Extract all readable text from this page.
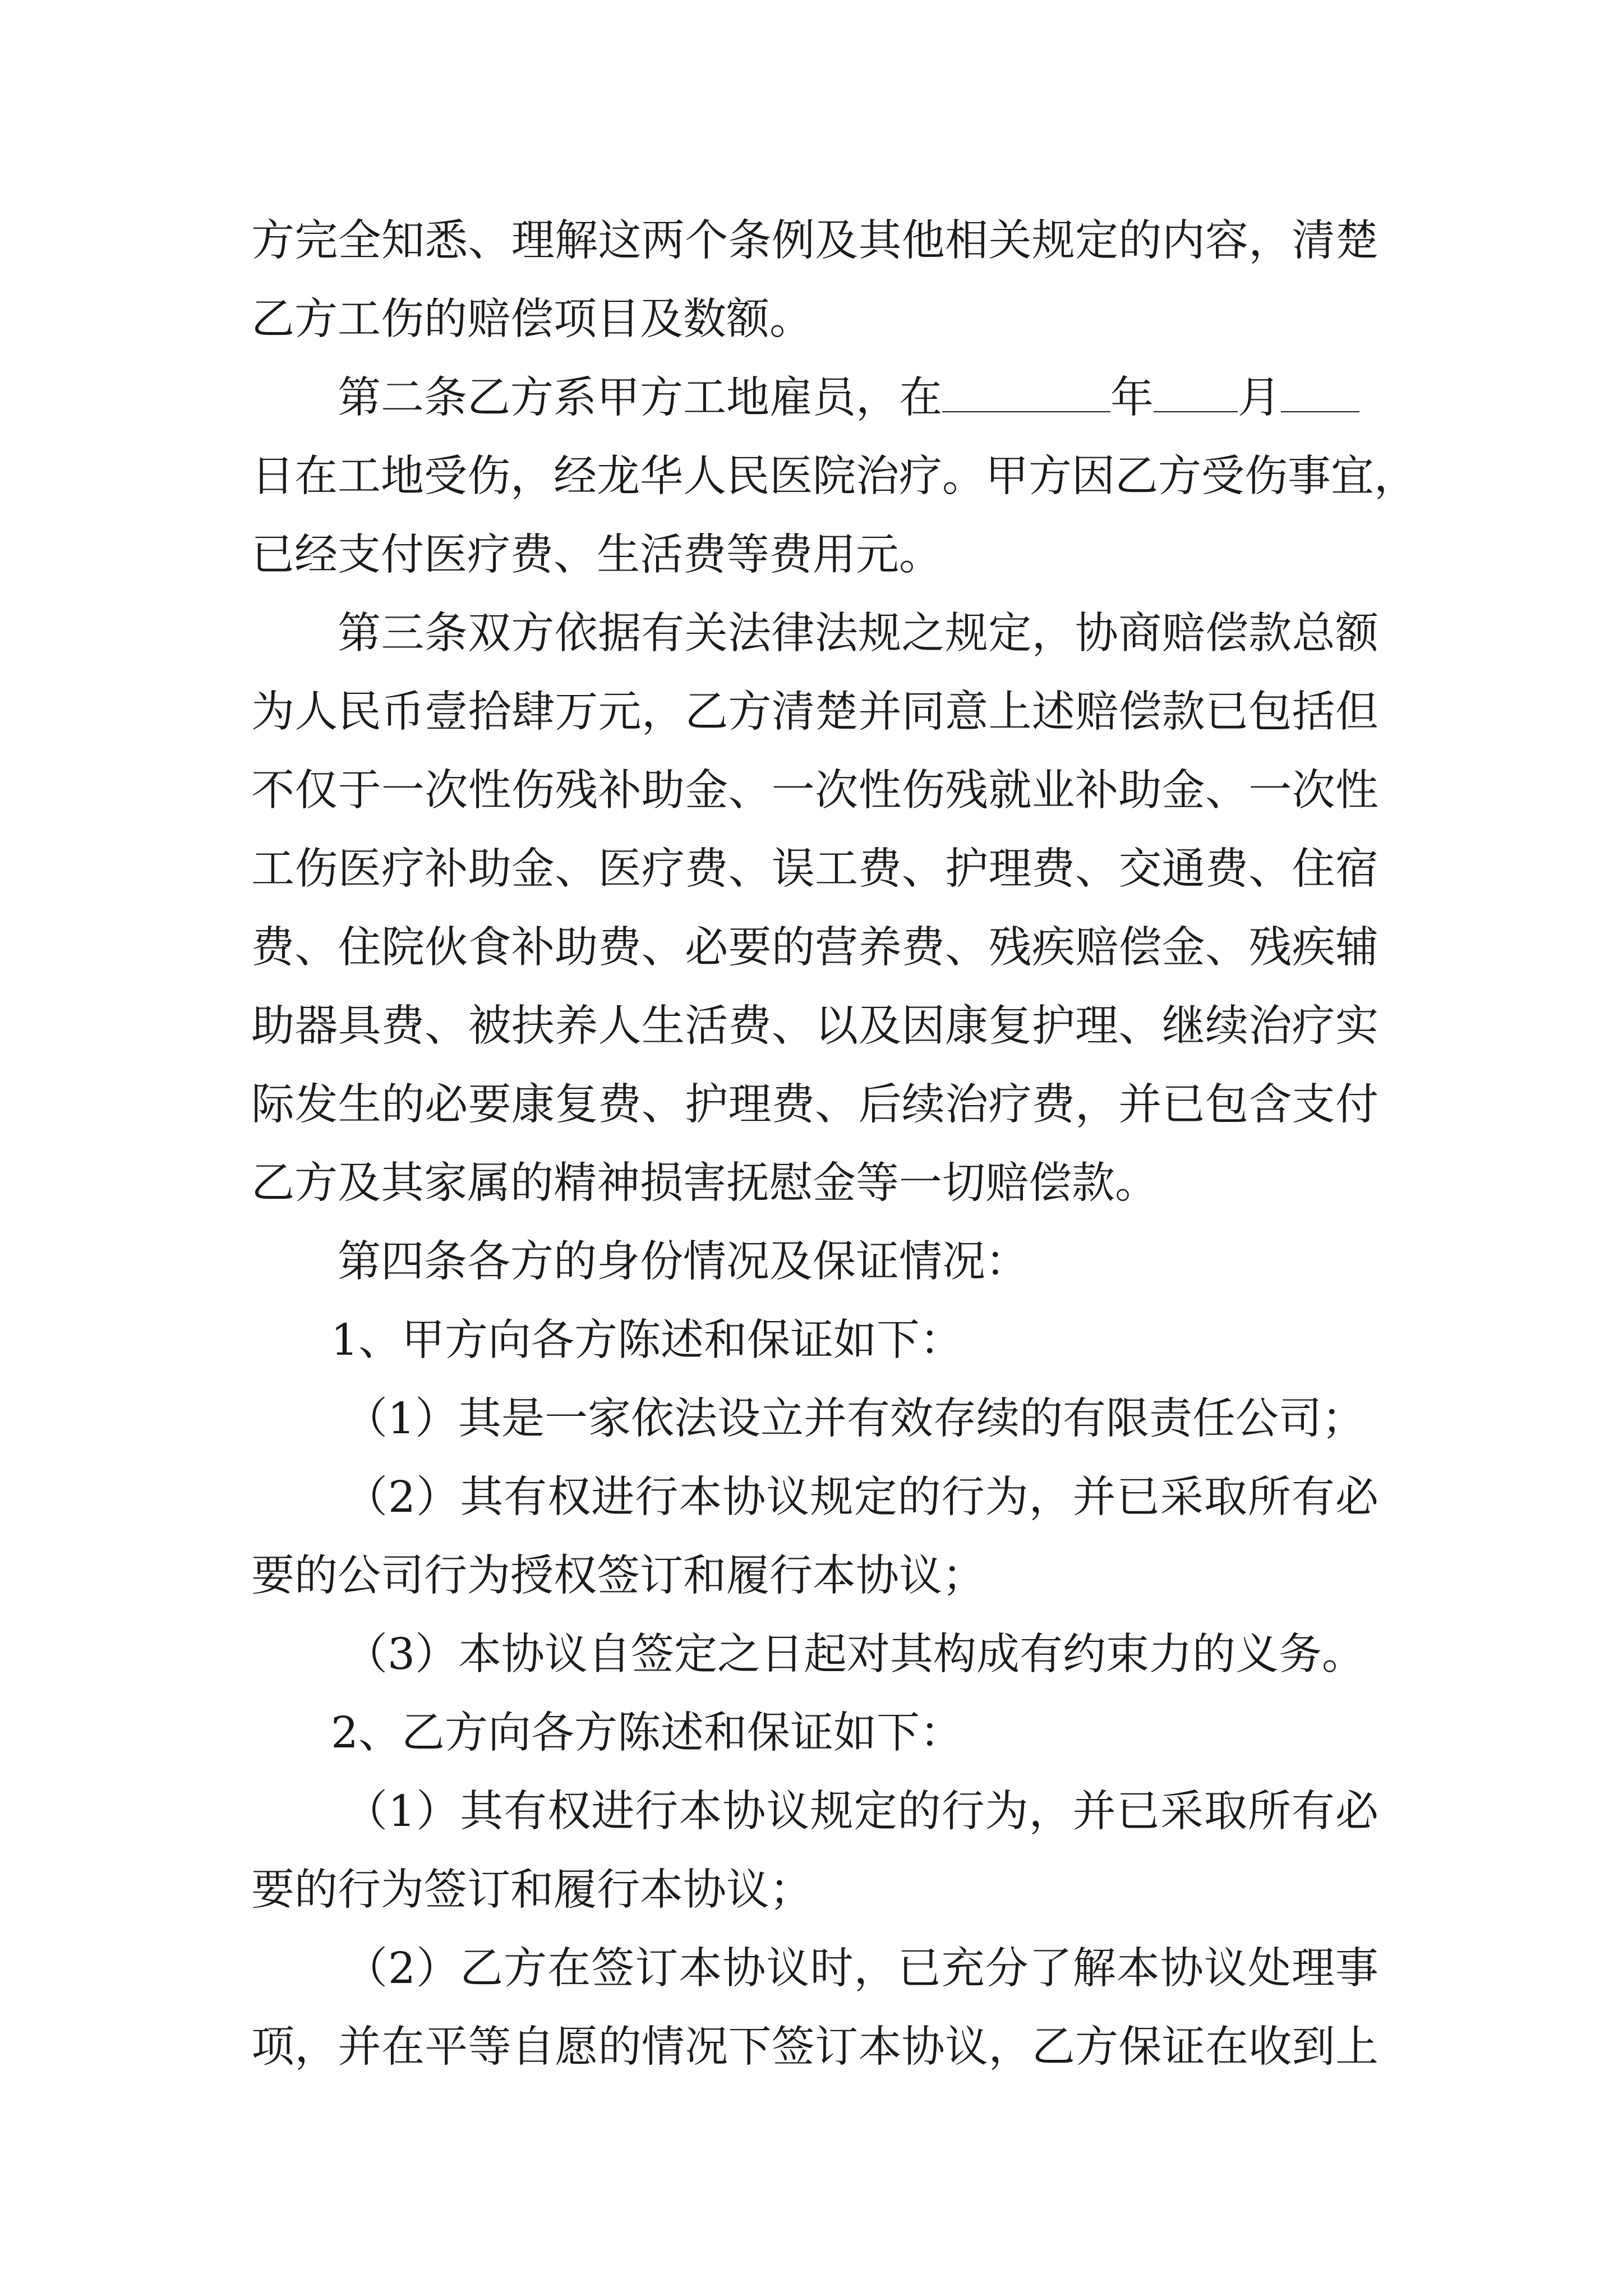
方完全知悉、理解这两个条例及其他相关规定的内容，清楚
乙方工伤的赔偿项目及数额。
第二条乙方系甲方工地雇员，在	年 月
日在工地受伤，经龙华人民医院治疗。甲方因乙方受伤事宜，
已经支付医疗费、生活费等费用元。
第三条双方依据有关法律法规之规定，协商赔偿款总额
为人民币壹拾肆万元，乙方清楚并同意上述赔偿款已包括但
不仅于一次性伤残补助金、一次性伤残就业补助金、一次性
工伤医疗补助金、医疗费、误工费、护理费、交通费、住宿
费、住院伙食补助费、必要的营养费、残疾赔偿金、残疾辅
助器具费、被扶养人生活费、以及因康复护理、继续治疗实
际发生的必要康复费、护理费、后续治疗费，并已包含支付
乙方及其家属的精神损害抚慰金等一切赔偿款。
第四条各方的身份情况及保证情况：
1、甲方向各方陈述和保证如下：
（1）其是一家依法设立并有效存续的有限责任公司；
（2）其有权进行本协议规定的行为，并已采取所有必
要的公司行为授权签订和履行本协议；
（3）本协议自签定之日起对其构成有约束力的义务。
2、乙方向各方陈述和保证如下：
（1）其有权进行本协议规定的行为，并已采取所有必
要的行为签订和履行本协议；
（2）乙方在签订本协议时，已充分了解本协议处理事
项，并在平等自愿的情况下签订本协议，乙方保证在收到上
